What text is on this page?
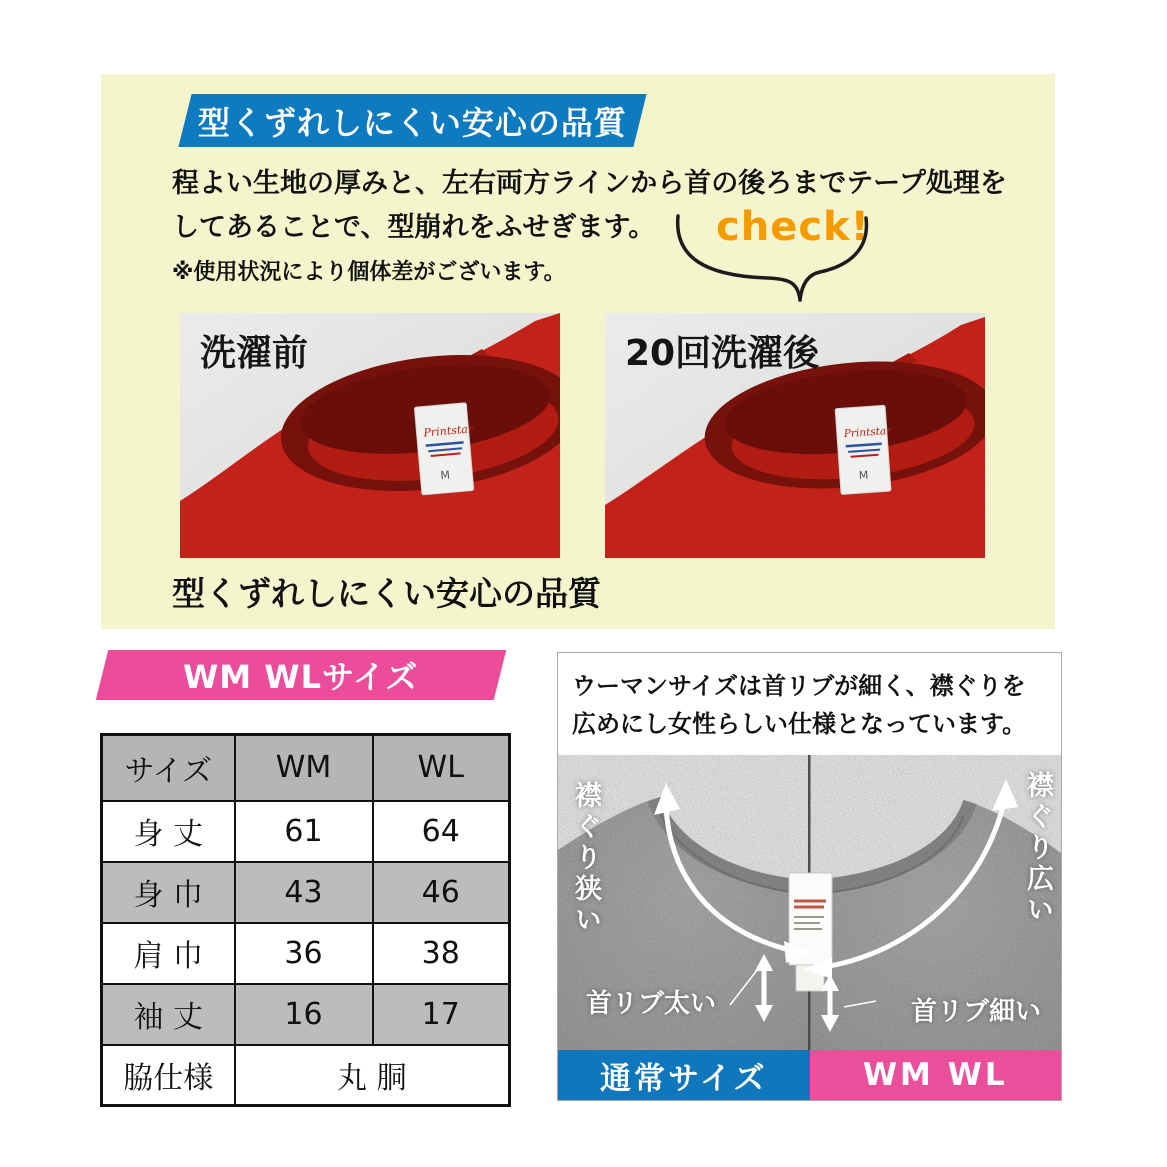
型くずれしにくい安心の品質
程よい生地の厚みと、左右両方ラインから首の後ろまでテープ処理を
してあることで、型崩れをふせぎます。
※使用状況により個体差がございます。
check!
Printstar
M
洗濯前
Printstar
M
20回洗濯後
型くずれしにくい安心の品質
WM WLサイズ
サイズ	WM	WL
身 丈	61	64
身 巾	43	46
肩 巾	36	38
袖 丈	16	17
脇仕様	丸 胴	
ウーマンサイズは首リブが細く、襟ぐりを
広めにし女性らしい仕様となっています。
襟ぐり狭い	襟ぐり広い
首リブ太い	首リブ細い
通常サイズ	WM WL
